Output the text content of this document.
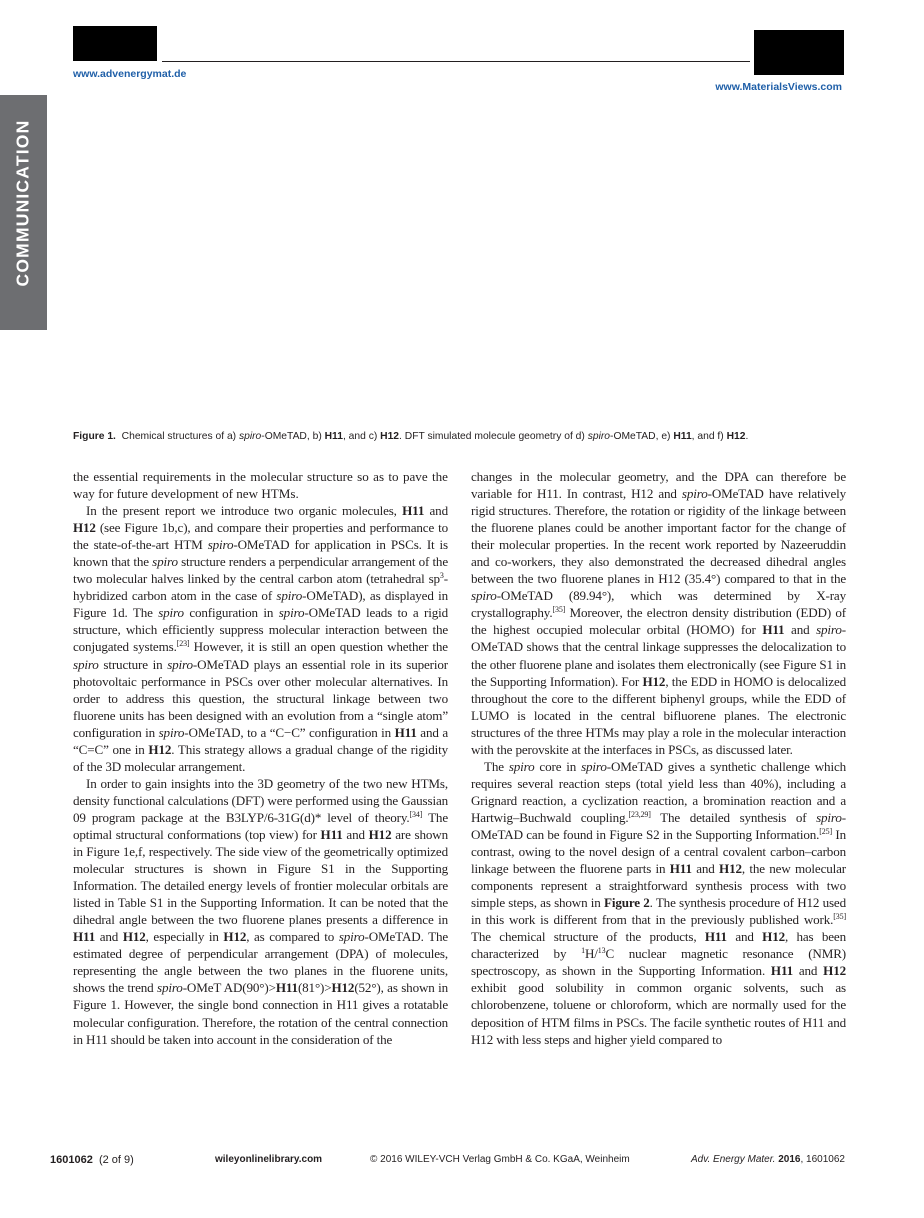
www.advenergymat.de
www.MaterialsViews.com
COMMUNICATION
Figure 1. Chemical structures of a) spiro-OMeTAD, b) H11, and c) H12. DFT simulated molecule geometry of d) spiro-OMeTAD, e) H11, and f) H12.

the essential requirements in the molecular structure so as to pave the way for future development of new HTMs.

In the present report we introduce two organic molecules, H11 and H12 (see Figure 1b,c), and compare their properties and performance to the state-of-the-art HTM spiro-OMeTAD for application in PSCs. It is known that the spiro structure renders a perpendicular arrangement of the two molecular halves linked by the central carbon atom (tetrahedral $sp^3$-hybridized carbon atom in the case of spiro-OMeTAD), as displayed in Figure 1d. The spiro configuration in spiro-OMeTAD leads to a rigid structure, which efficiently suppress molecular interaction between the conjugated systems.[23] However, it is still an open question whether the spiro structure in spiro-OMeTAD plays an essential role in its superior photovoltaic performance in PSCs over other molecular alternatives. In order to address this question, the structural linkage between two fluorene units has been designed with an evolution from a “single atom” configuration in spiro-OMeTAD, to a “C−C” configuration in H11 and a “C=C” one in H12. This strategy allows a gradual change of the rigidity of the 3D molecular arrangement.

In order to gain insights into the 3D geometry of the two new HTMs, density functional calculations (DFT) were performed using the Gaussian 09 program package at the B3LYP/6-31G(d)* level of theory.[34] The optimal structural conformations (top view) for H11 and H12 are shown in Figure 1e,f, respectively. The side view of the geometrically optimized molecular structures is shown in Figure S1 in the Supporting Information. The detailed energy levels of frontier molecular orbitals are listed in Table S1 in the Supporting Information. It can be noted that the dihedral angle between the two fluorene planes presents a difference in H11 and H12, especially in H12, as compared to spiro-OMeTAD. The estimated degree of perpendicular arrangement (DPA) of molecules, representing the angle between the two planes in the fluorene units, shows the trend spiro-OMeT AD(90°)>H11(81°)>H12(52°), as shown in Figure 1. However, the single bond connection in H11 gives a rotatable molecular configuration. Therefore, the rotation of the central connection in H11 should be taken into account in the consideration of the

changes in the molecular geometry, and the DPA can therefore be variable for H11. In contrast, H12 and spiro-OMeTAD have relatively rigid structures. Therefore, the rotation or rigidity of the linkage between the fluorene planes could be another important factor for the change of their molecular properties. In the recent work reported by Nazeeruddin and co-workers, they also demonstrated the decreased dihedral angles between the two fluorene planes in H12 (35.4°) compared to that in the spiro-OMeTAD (89.94°), which was determined by X-ray crystallography.[35] Moreover, the electron density distribution (EDD) of the highest occupied molecular orbital (HOMO) for H11 and spiro-OMeTAD shows that the central linkage suppresses the delocalization to the other fluorene plane and isolates them electronically (see Figure S1 in the Supporting Information). For H12, the EDD in HOMO is delocalized throughout the core to the different biphenyl groups, while the EDD of LUMO is located in the central bifluorene planes. The electronic structures of the three HTMs may play a role in the molecular interaction with the perovskite at the interfaces in PSCs, as discussed later.

The spiro core in spiro-OMeTAD gives a synthetic challenge which requires several reaction steps (total yield less than 40%), including a Grignard reaction, a cyclization reaction, a bromination reaction and a Hartwig–Buchwald coupling.[23,29] The detailed synthesis of spiro-OMeTAD can be found in Figure S2 in the Supporting Information.[25] In contrast, owing to the novel design of a central covalent carbon–carbon linkage between the fluorene parts in H11 and H12, the new molecular components represent a straightforward synthesis process with two simple steps, as shown in Figure 2. The synthesis procedure of H12 used in this work is different from that in the previously published work.[35] The chemical structure of the products, H11 and H12, has been characterized by $^1$H/$^{13}$C nuclear magnetic resonance (NMR) spectroscopy, as shown in the Supporting Information. H11 and H12 exhibit good solubility in common organic solvents, such as chlorobenzene, toluene or chloroform, which are normally used for the deposition of HTM films in PSCs. The facile synthetic routes of H11 and H12 with less steps and higher yield compared to

1601062 (2 of 9)	wileyonlinelibrary.com	© 2016 WILEY-VCH Verlag GmbH & Co. KGaA, Weinheim	Adv. Energy Mater. 2016, 1601062
